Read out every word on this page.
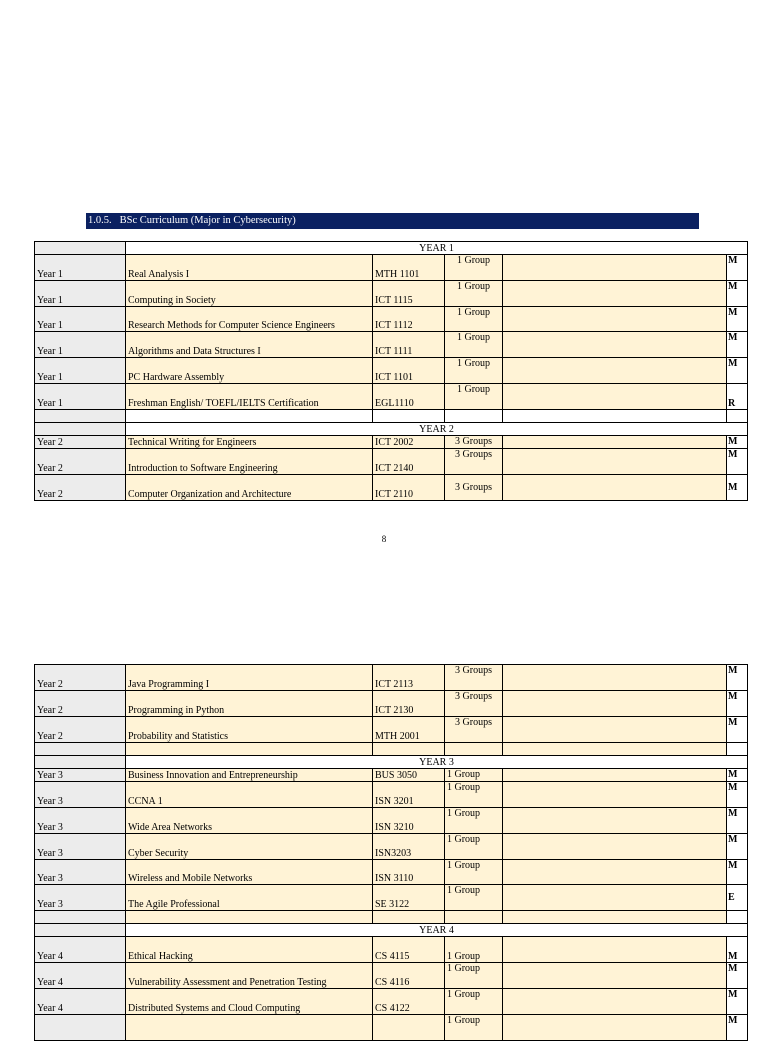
1.0.5. BSc Curriculum (Major in Cybersecurity)
	YEAR 1				
Year 1	Real Analysis I	MTH 1101	1 Group		M
Year 1	Computing in Society	ICT 1115	1 Group		M
Year 1	Research Methods for Computer Science Engineers	ICT 1112	1 Group		M
Year 1	Algorithms and Data Structures I	ICT 1111	1 Group		M
Year 1	PC Hardware Assembly	ICT 1101	1 Group		M
Year 1	Freshman English/ TOEFL/IELTS Certification	EGL1110	1 Group		R

	YEAR 2				
Year 2	Technical Writing for Engineers	ICT 2002	3 Groups		M
Year 2	Introduction to Software Engineering	ICT 2140	3 Groups		M
Year 2	Computer Organization and Architecture	ICT 2110	3 Groups		M
8
Year 2	Java Programming I	ICT 2113	3 Groups		M
Year 2	Programming in Python	ICT 2130	3 Groups		M
Year 2	Probability and Statistics	MTH 2001	3 Groups		M

	YEAR 3				
Year 3	Business Innovation and Entrepreneurship	BUS 3050	1 Group		M
Year 3	CCNA 1	ISN 3201	1 Group		M
Year 3	Wide Area Networks	ISN 3210	1 Group		M
Year 3	Cyber Security	ISN3203	1 Group		M
Year 3	Wireless and Mobile Networks	ISN 3110	1 Group		M
Year 3	The Agile Professional	SE 3122	1 Group		E

	YEAR 4				
Year 4	Ethical Hacking	CS 4115	1 Group		M
Year 4	Vulnerability Assessment and Penetration Testing	CS 4116	1 Group		M
Year 4	Distributed Systems and Cloud Computing	CS 4122	1 Group		M
			1 Group		M
